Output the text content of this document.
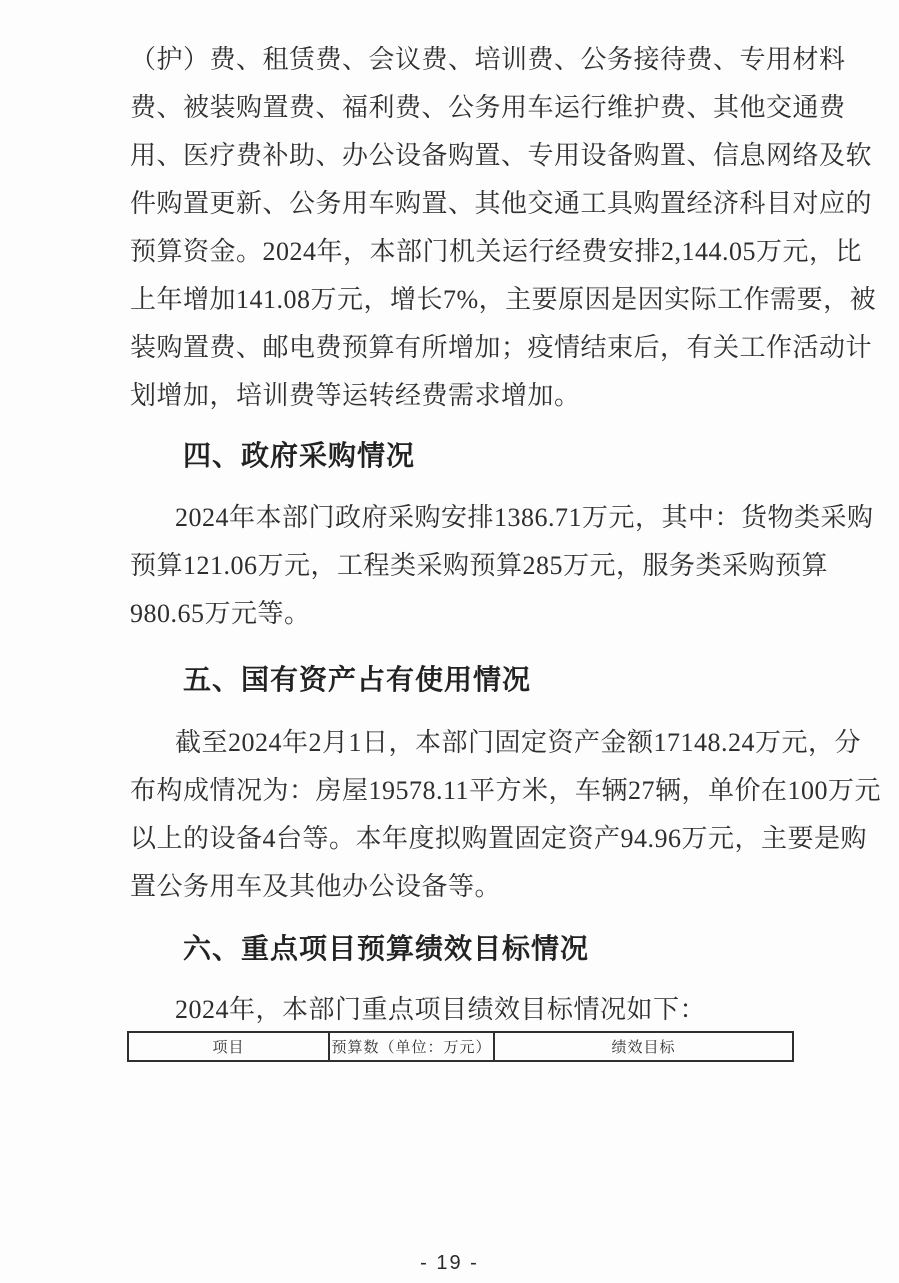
（护）费、租赁费、会议费、培训费、公务接待费、专用材料
费、被装购置费、福利费、公务用车运行维护费、其他交通费
用、医疗费补助、办公设备购置、专用设备购置、信息网络及软
件购置更新、公务用车购置、其他交通工具购置经济科目对应的
预算资金。2024年，本部门机关运行经费安排2,144.05万元，比
上年增加141.08万元，增长7%，主要原因是因实际工作需要，被
装购置费、邮电费预算有所增加；疫情结束后，有关工作活动计
划增加，培训费等运转经费需求增加。
四、政府采购情况
2024年本部门政府采购安排1386.71万元，其中：货物类采购
预算121.06万元，工程类采购预算285万元，服务类采购预算
980.65万元等。
五、国有资产占有使用情况
截至2024年2月1日，本部门固定资产金额17148.24万元，分
布构成情况为：房屋19578.11平方米，车辆27辆，单价在100万元
以上的设备4台等。本年度拟购置固定资产94.96万元，主要是购
置公务用车及其他办公设备等。
六、重点项目预算绩效目标情况
2024年，本部门重点项目绩效目标情况如下：
项目	预算数（单位：万元）	绩效目标
- 19 -
